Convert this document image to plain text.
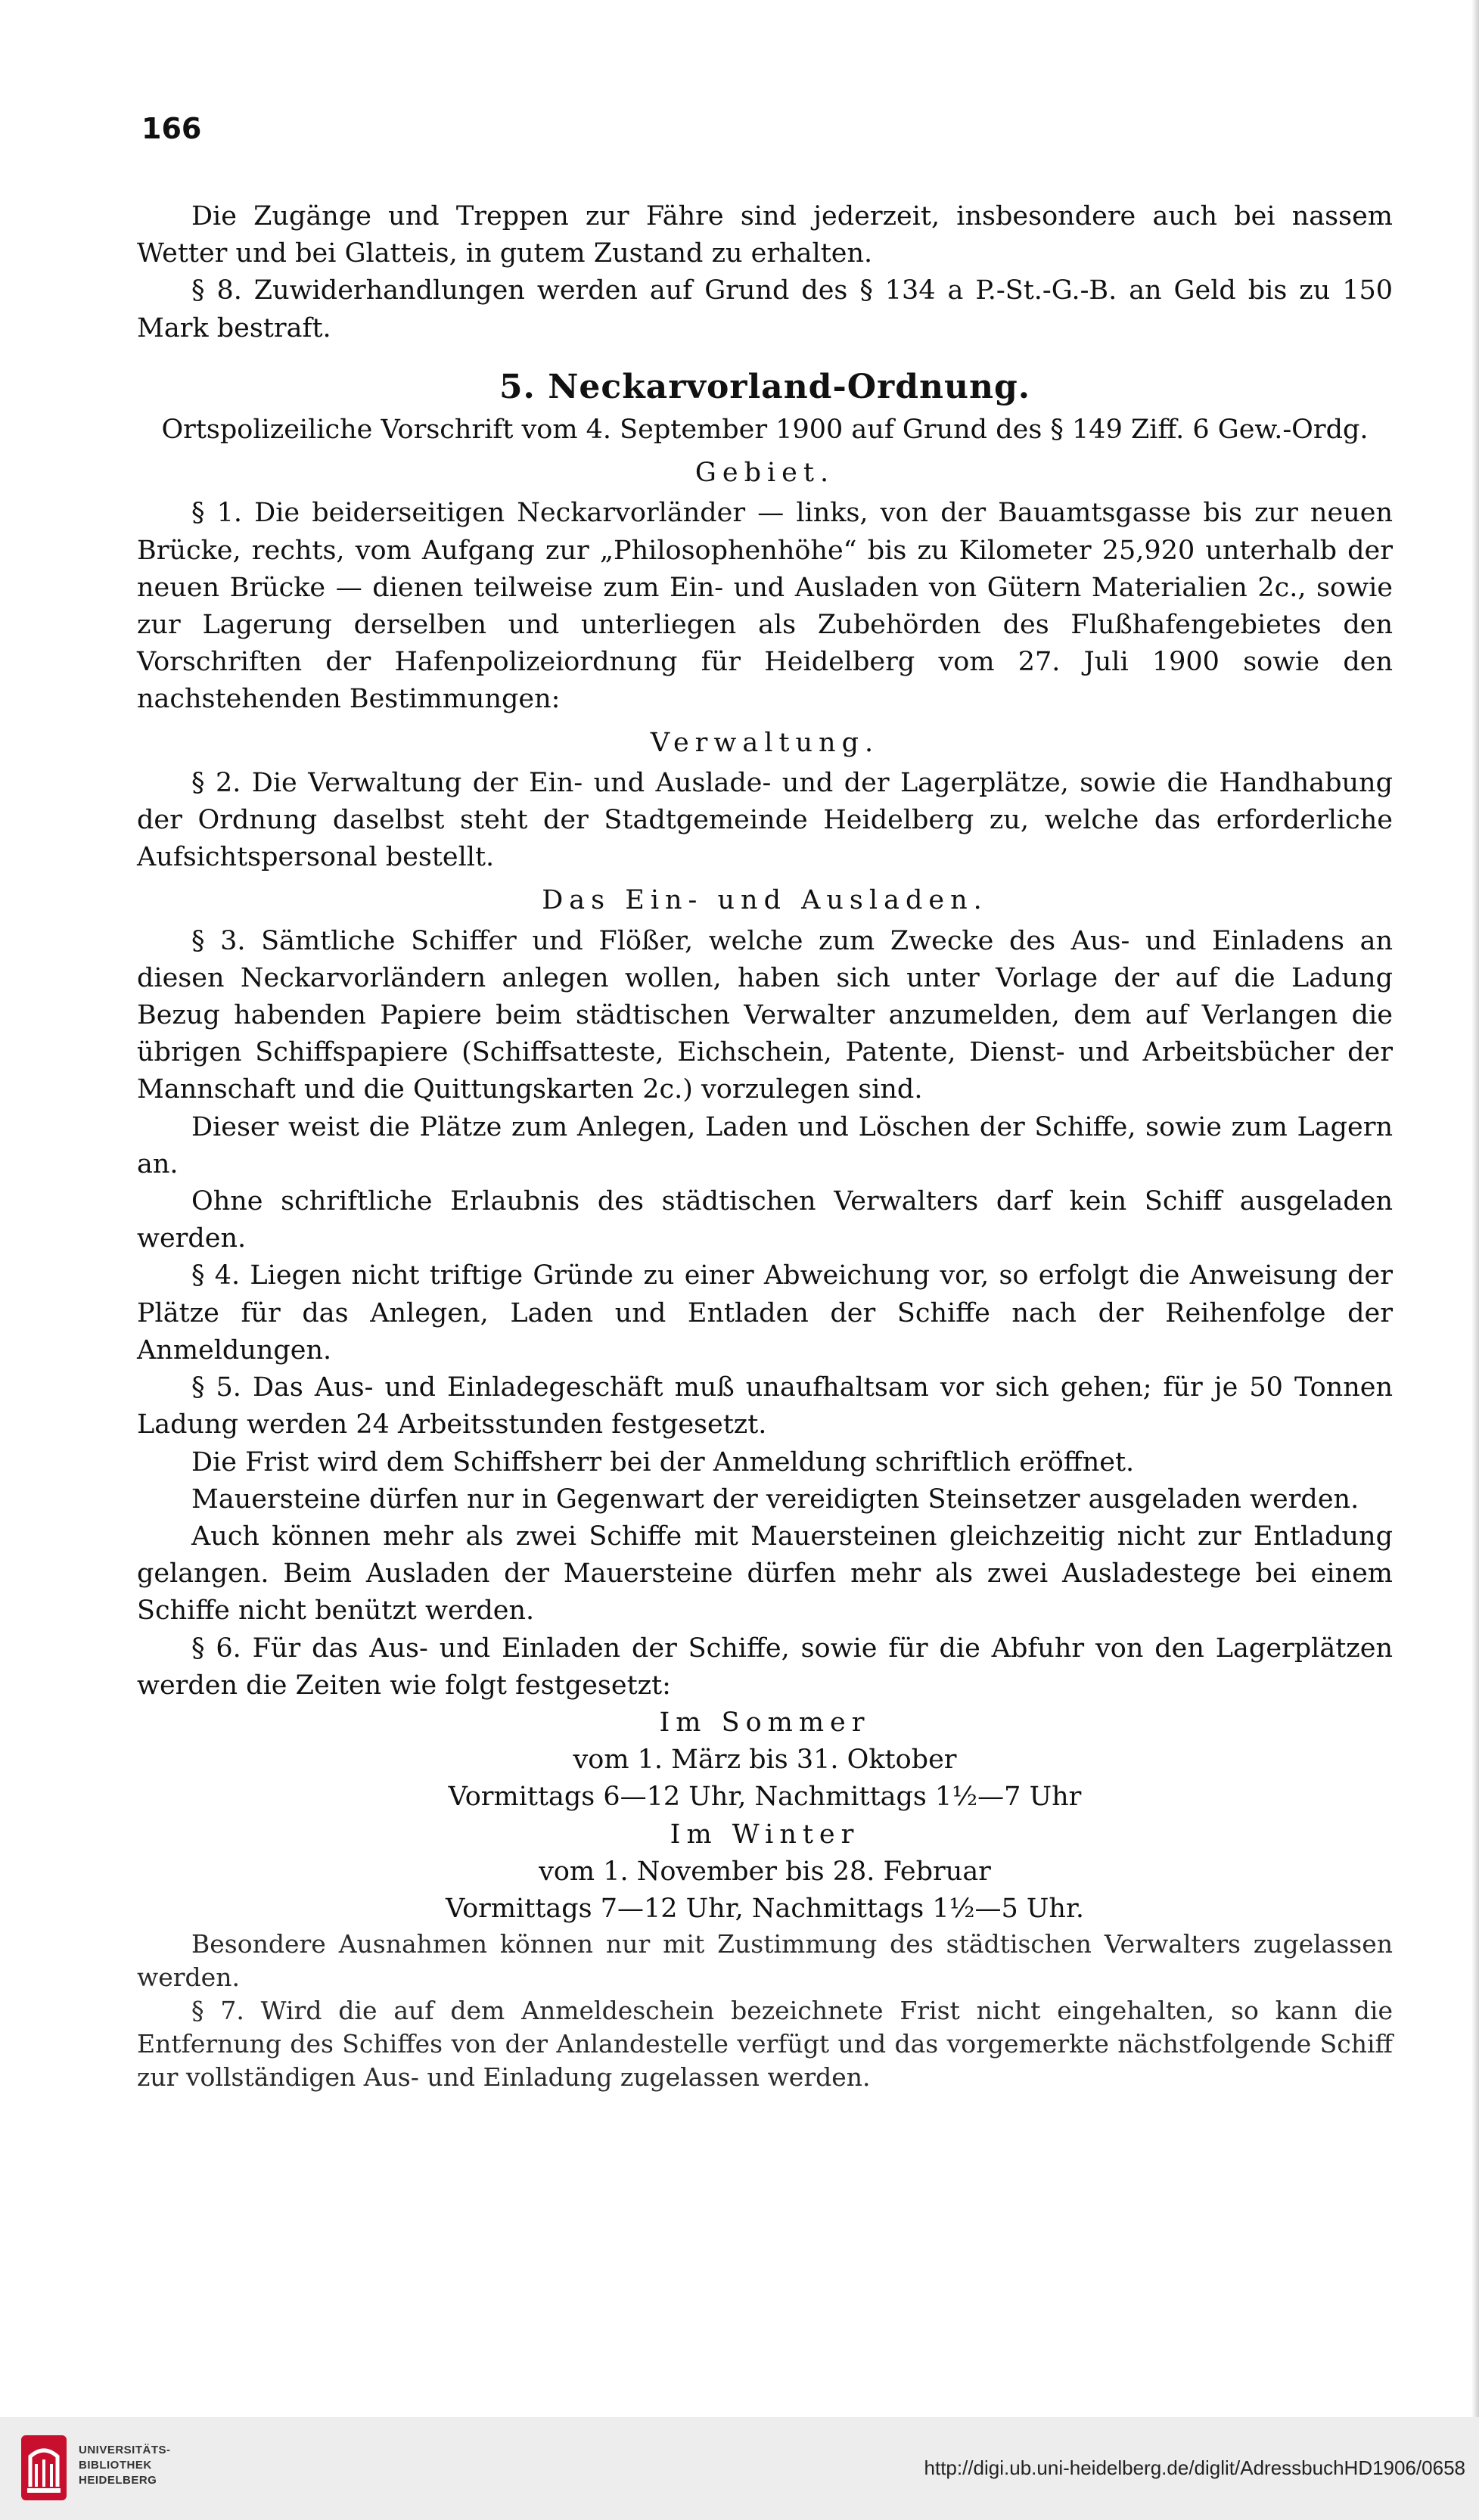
166

Die Zugänge und Treppen zur Fähre sind jederzeit, insbesondere auch bei nassem Wetter und bei Glatteis, in gutem Zustand zu erhalten.

§ 8. Zuwiderhandlungen werden auf Grund des § 134 a P.-St.-G.-B. an Geld bis zu 150 Mark bestraft.

5. Neckarvorland-Ordnung.

Ortspolizeiliche Vorschrift vom 4. September 1900 auf Grund des § 149 Ziff. 6 Gew.-Ordg.

Gebiet.

§ 1. Die beiderseitigen Neckarvorländer — links, von der Bauamtsgasse bis zur neuen Brücke, rechts, vom Aufgang zur „Philosophenhöhe“ bis zu Kilometer 25,920 unterhalb der neuen Brücke — dienen teilweise zum Ein- und Ausladen von Gütern Materialien 2c., sowie zur Lagerung derselben und unterliegen als Zubehörden des Flußhafengebietes den Vorschriften der Hafenpolizeiordnung für Heidelberg vom 27. Juli 1900 sowie den nachstehenden Bestimmungen:

Verwaltung.

§ 2. Die Verwaltung der Ein- und Auslade- und der Lagerplätze, sowie die Handhabung der Ordnung daselbst steht der Stadtgemeinde Heidelberg zu, welche das erforderliche Aufsichtspersonal bestellt.

Das Ein- und Ausladen.

§ 3. Sämtliche Schiffer und Flößer, welche zum Zwecke des Aus- und Einladens an diesen Neckarvorländern anlegen wollen, haben sich unter Vorlage der auf die Ladung Bezug habenden Papiere beim städtischen Verwalter anzumelden, dem auf Verlangen die übrigen Schiffspapiere (Schiffsatteste, Eichschein, Patente, Dienst- und Arbeitsbücher der Mannschaft und die Quittungskarten 2c.) vorzulegen sind.

Dieser weist die Plätze zum Anlegen, Laden und Löschen der Schiffe, sowie zum Lagern an.

Ohne schriftliche Erlaubnis des städtischen Verwalters darf kein Schiff ausgeladen werden.

§ 4. Liegen nicht triftige Gründe zu einer Abweichung vor, so erfolgt die Anweisung der Plätze für das Anlegen, Laden und Entladen der Schiffe nach der Reihenfolge der Anmeldungen.

§ 5. Das Aus- und Einladegeschäft muß unaufhaltsam vor sich gehen; für je 50 Tonnen Ladung werden 24 Arbeitsstunden festgesetzt.

Die Frist wird dem Schiffsherr bei der Anmeldung schriftlich eröffnet.

Mauersteine dürfen nur in Gegenwart der vereidigten Steinsetzer ausgeladen werden.

Auch können mehr als zwei Schiffe mit Mauersteinen gleichzeitig nicht zur Entladung gelangen. Beim Ausladen der Mauersteine dürfen mehr als zwei Ausladestege bei einem Schiffe nicht benützt werden.

§ 6. Für das Aus- und Einladen der Schiffe, sowie für die Abfuhr von den Lagerplätzen werden die Zeiten wie folgt festgesetzt:

Im Sommer

vom 1. März bis 31. Oktober

Vormittags 6—12 Uhr, Nachmittags 1½—7 Uhr

Im Winter

vom 1. November bis 28. Februar

Vormittags 7—12 Uhr, Nachmittags 1½—5 Uhr.

Besondere Ausnahmen können nur mit Zustimmung des städtischen Verwalters zugelassen werden.

§ 7. Wird die auf dem Anmeldeschein bezeichnete Frist nicht eingehalten, so kann die Entfernung des Schiffes von der Anlandestelle verfügt und das vorgemerkte nächstfolgende Schiff zur vollständigen Aus- und Einladung zugelassen werden.

UNIVERSITÄTS-
BIBLIOTHEK
HEIDELBERG
http://digi.ub.uni-heidelberg.de/diglit/AdressbuchHD1906/0658
